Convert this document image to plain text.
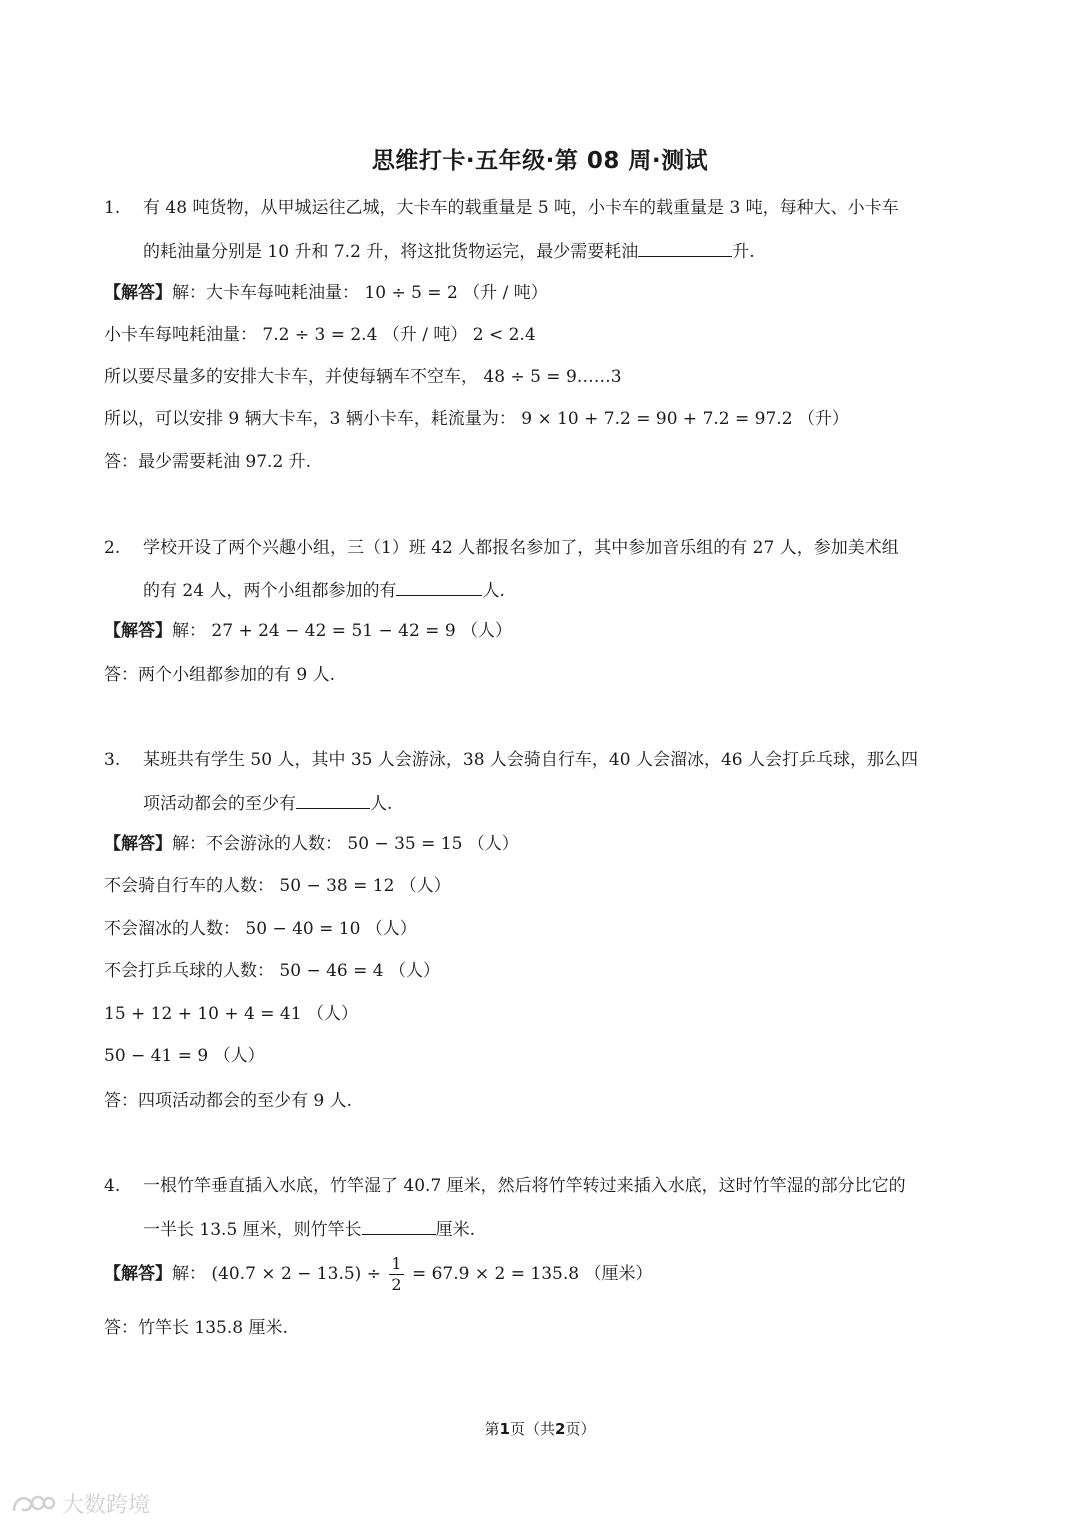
思维打卡·五年级·第 08 周·测试
1. 有 48 吨货物，从甲城运往乙城，大卡车的载重量是 5 吨，小卡车的载重量是 3 吨，每种大、小卡车
的耗油量分别是 10 升和 7.2 升，将这批货物运完，最少需要耗油	升.
【解答】解：大卡车每吨耗油量： 10 ÷ 5 = 2 （升 / 吨）
小卡车每吨耗油量： 7.2 ÷ 3 = 2.4 （升 / 吨） 2 < 2.4
所以要尽量多的安排大卡车，并使每辆车不空车， 48 ÷ 5 = 9……3
所以，可以安排 9 辆大卡车，3 辆小卡车，耗流量为： 9 × 10 + 7.2 = 90 + 7.2 = 97.2 （升）
答：最少需要耗油 97.2 升.
2. 学校开设了两个兴趣小组，三（1）班 42 人都报名参加了，其中参加音乐组的有 27 人，参加美术组
的有 24 人，两个小组都参加的有	人.
【解答】解： 27 + 24 − 42 = 51 − 42 = 9 （人）
答：两个小组都参加的有 9 人.
3. 某班共有学生 50 人，其中 35 人会游泳，38 人会骑自行车，40 人会溜冰，46 人会打乒乓球，那么四
项活动都会的至少有	人.
【解答】解：不会游泳的人数： 50 − 35 = 15 （人）
不会骑自行车的人数： 50 − 38 = 12 （人）
不会溜冰的人数： 50 − 40 = 10 （人）
不会打乒乓球的人数： 50 − 46 = 4 （人）
15 + 12 + 10 + 4 = 41 （人）
50 − 41 = 9 （人）
答：四项活动都会的至少有 9 人.
4. 一根竹竿垂直插入水底，竹竿湿了 40.7 厘米，然后将竹竿转过来插入水底，这时竹竿湿的部分比它的
一半长 13.5 厘米，则竹竿长	厘米.
【解答】解： $(40.7 \times 2 - 13.5) \div \frac{1}{2} = 67.9 \times 2 = 135.8$ （厘米）
答：竹竿长 135.8 厘米.
第1页（共2页）
大数跨境
